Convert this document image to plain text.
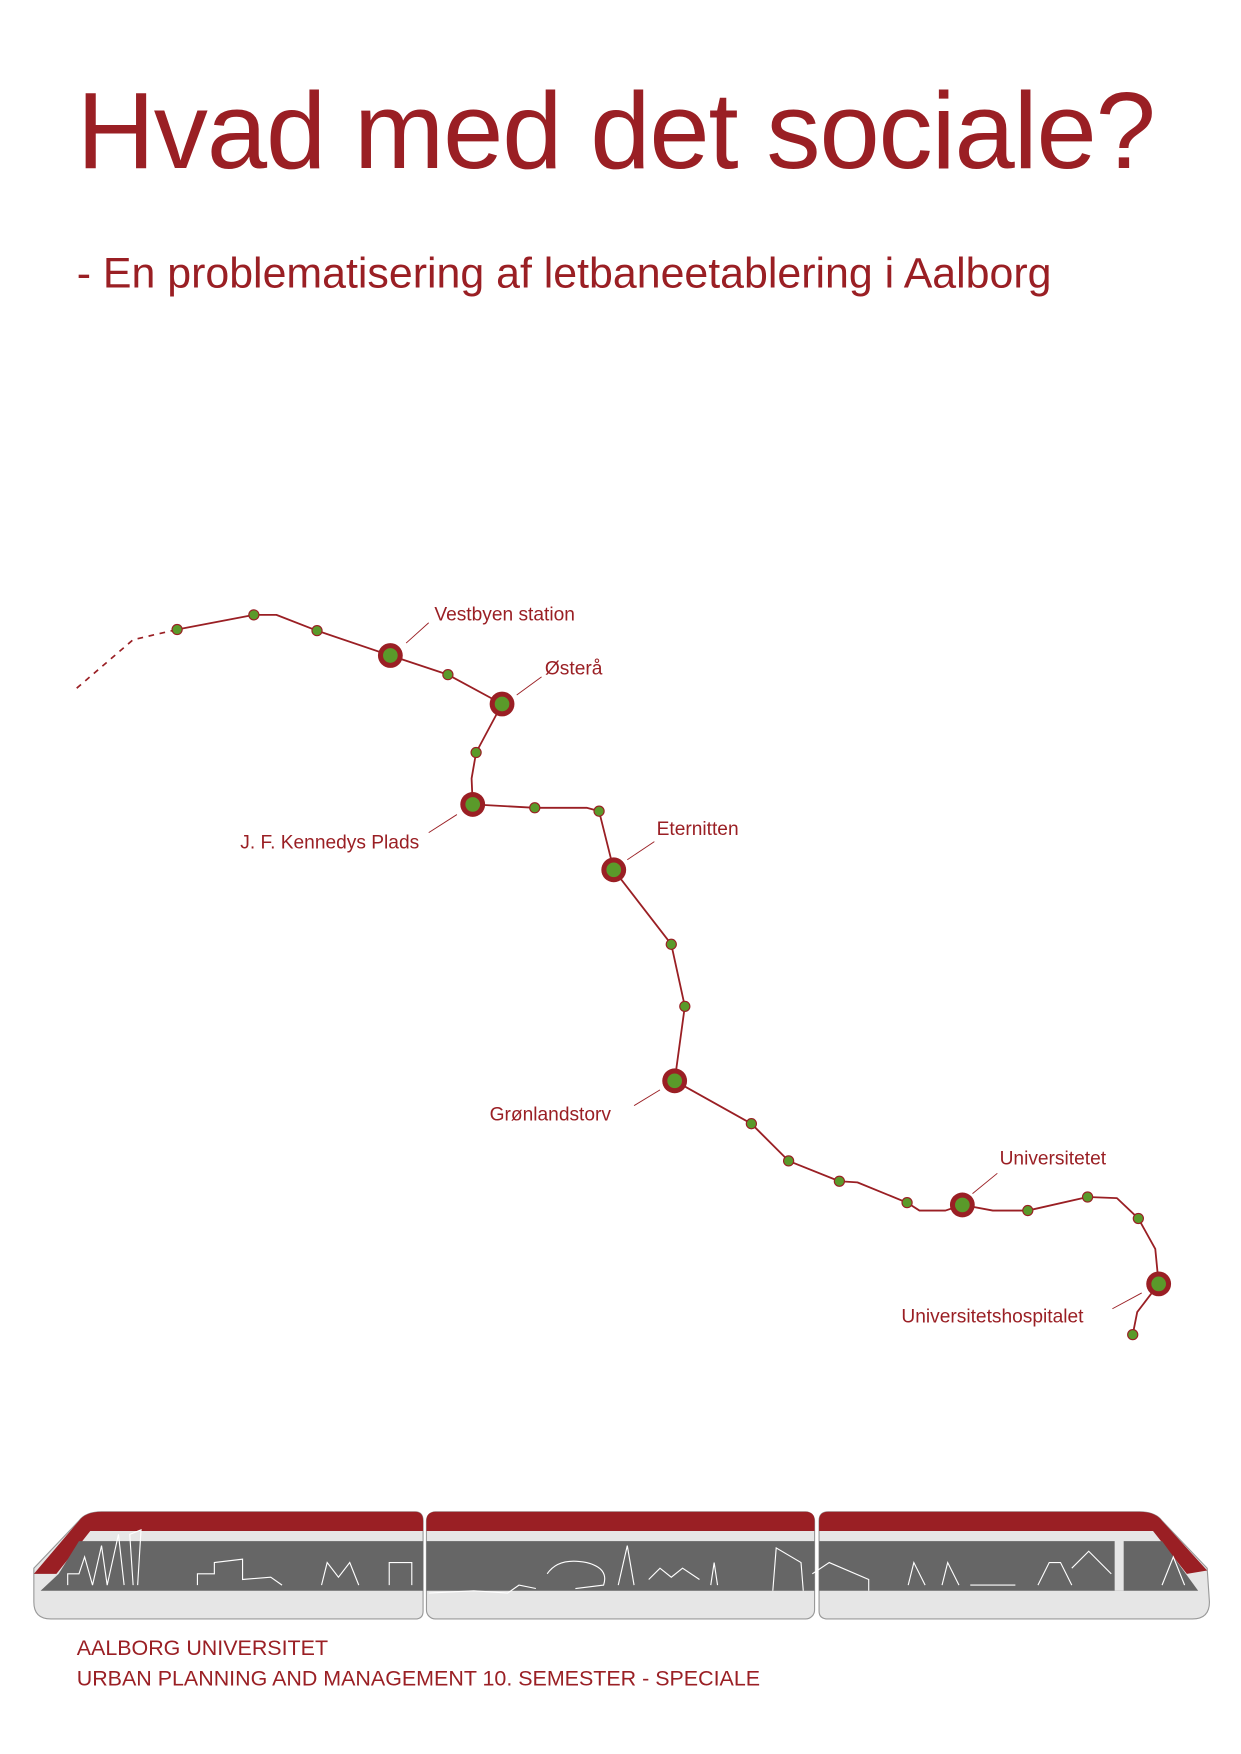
Hvad med det sociale?
- En problematisering af letbaneetablering i Aalborg
Vestbyen station
Østerå
J. F. Kennedys Plads
Eternitten
Grønlandstorv
Universitetet
Universitetshospitalet
AALBORG UNIVERSITET
URBAN PLANNING AND MANAGEMENT 10. SEMESTER - SPECIALE
